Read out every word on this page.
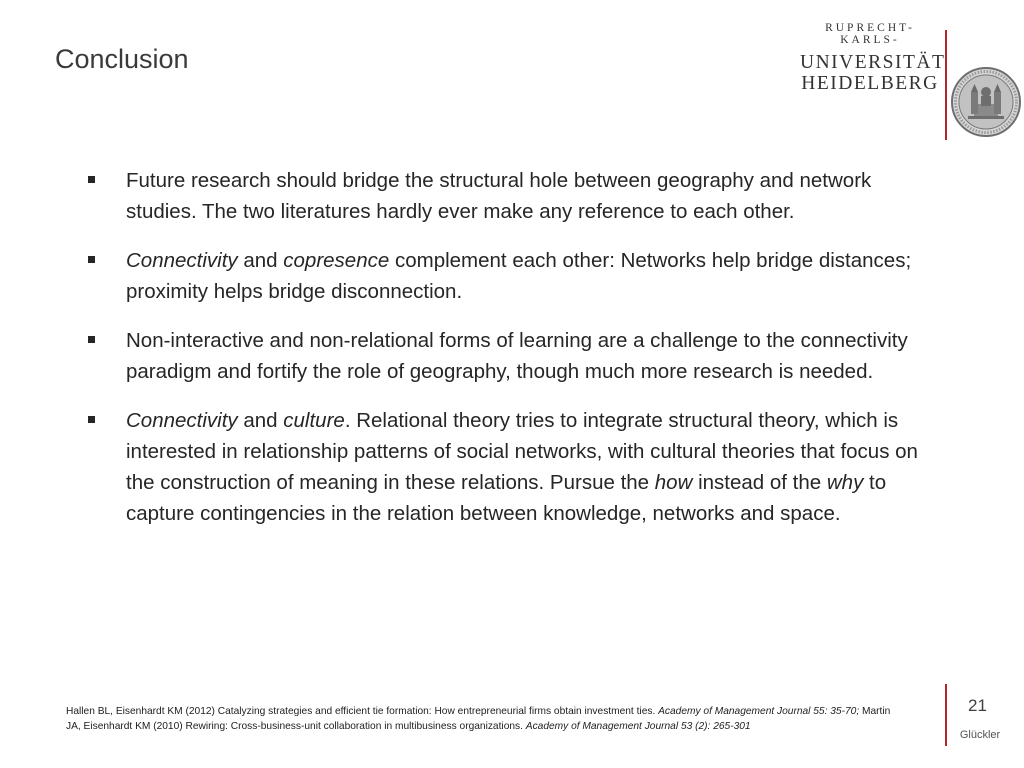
Conclusion
RUPRECHT-KARLS-
UNIVERSITÄT
HEIDELBERG
Future research should bridge the structural hole between geography and network studies. The two literatures hardly ever make any reference to each other.
Connectivity and copresence complement each other: Networks help bridge distances; proximity helps bridge disconnection.
Non-interactive and non-relational forms of learning are a challenge to the connectivity paradigm and fortify the role of geography, though much more research is needed.
Connectivity and culture. Relational theory tries to integrate structural theory, which is interested in relationship patterns of social networks, with cultural theories that focus on the construction of meaning in these relations. Pursue the how instead of the why to capture contingencies in the relation between knowledge, networks and space.
Hallen BL, Eisenhardt KM (2012) Catalyzing strategies and efficient tie formation: How entrepreneurial firms obtain investment ties. Academy of Management Journal 55: 35-70; Martin JA, Eisenhardt KM (2010) Rewiring: Cross-business-unit collaboration in multibusiness organizations. Academy of Management Journal 53 (2): 265-301
21
Glückler
